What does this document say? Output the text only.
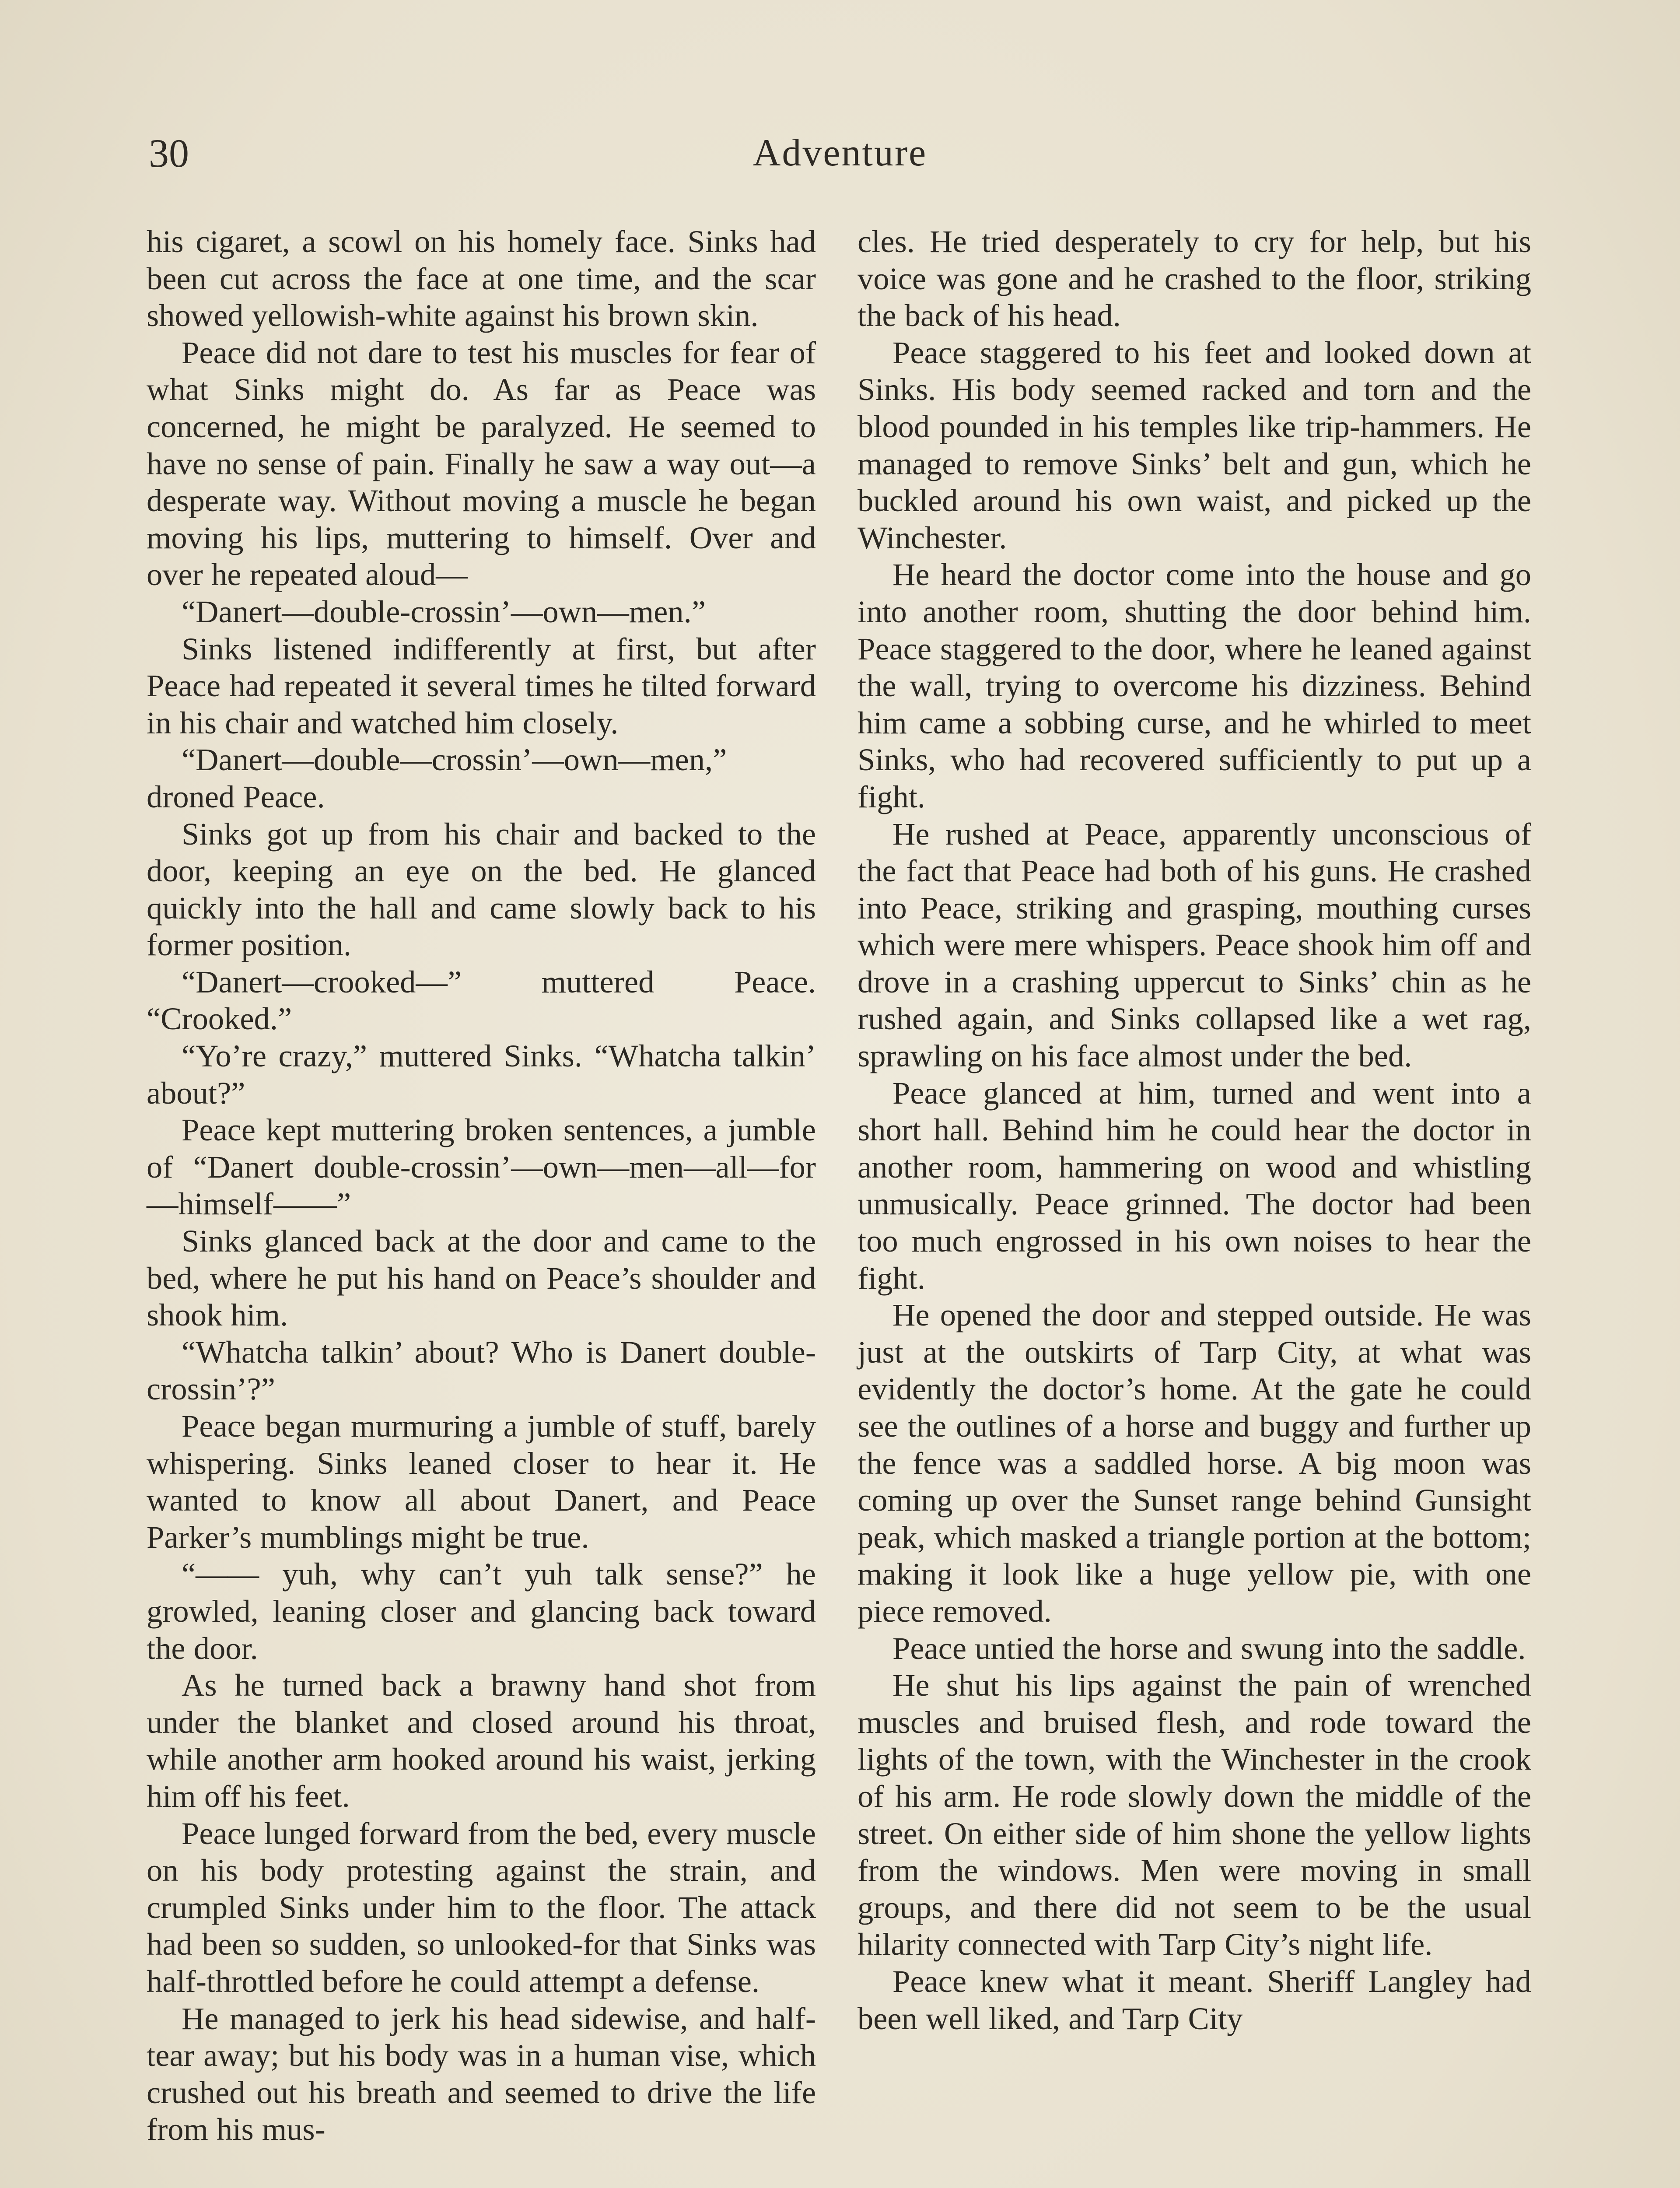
30	Adventure

his cigaret, a scowl on his homely face. Sinks had been cut across the face at one time, and the scar showed yellowish-white against his brown skin.

Peace did not dare to test his muscles for fear of what Sinks might do. As far as Peace was concerned, he might be paralyzed. He seemed to have no sense of pain. Finally he saw a way out—a desperate way. Without moving a muscle he began moving his lips, muttering to himself. Over and over he repeated aloud—

“Danert—double-crossin’—own—men.”

Sinks listened indifferently at first, but after Peace had repeated it several times he tilted forward in his chair and watched him closely.

“Danert—double—crossin’—own—men,” droned Peace.

Sinks got up from his chair and backed to the door, keeping an eye on the bed. He glanced quickly into the hall and came slowly back to his former position.

“Danert—crooked—” muttered Peace. “Crooked.”

“Yo’re crazy,” muttered Sinks. “Whatcha talkin’ about?”

Peace kept muttering broken sentences, a jumble of “Danert double-crossin’—own—men—all—for—himself——”

Sinks glanced back at the door and came to the bed, where he put his hand on Peace’s shoulder and shook him.

“Whatcha talkin’ about? Who is Danert double-crossin’?”

Peace began murmuring a jumble of stuff, barely whispering. Sinks leaned closer to hear it. He wanted to know all about Danert, and Peace Parker’s mumblings might be true.

“—— yuh, why can’t yuh talk sense?” he growled, leaning closer and glancing back toward the door.

As he turned back a brawny hand shot from under the blanket and closed around his throat, while another arm hooked around his waist, jerking him off his feet.

Peace lunged forward from the bed, every muscle on his body protesting against the strain, and crumpled Sinks under him to the floor. The attack had been so sudden, so unlooked-for that Sinks was half-throttled before he could attempt a defense.

He managed to jerk his head sidewise, and half-tear away; but his body was in a human vise, which crushed out his breath and seemed to drive the life from his mus-

cles. He tried desperately to cry for help, but his voice was gone and he crashed to the floor, striking the back of his head.

Peace staggered to his feet and looked down at Sinks. His body seemed racked and torn and the blood pounded in his temples like trip-hammers. He managed to remove Sinks’ belt and gun, which he buckled around his own waist, and picked up the Winchester.

He heard the doctor come into the house and go into another room, shutting the door behind him. Peace staggered to the door, where he leaned against the wall, trying to overcome his dizziness. Behind him came a sobbing curse, and he whirled to meet Sinks, who had recovered sufficiently to put up a fight.

He rushed at Peace, apparently unconscious of the fact that Peace had both of his guns. He crashed into Peace, striking and grasping, mouthing curses which were mere whispers. Peace shook him off and drove in a crashing uppercut to Sinks’ chin as he rushed again, and Sinks collapsed like a wet rag, sprawling on his face almost under the bed.

Peace glanced at him, turned and went into a short hall. Behind him he could hear the doctor in another room, hammering on wood and whistling unmusically. Peace grinned. The doctor had been too much engrossed in his own noises to hear the fight.

He opened the door and stepped outside. He was just at the outskirts of Tarp City, at what was evidently the doctor’s home. At the gate he could see the outlines of a horse and buggy and further up the fence was a saddled horse. A big moon was coming up over the Sunset range behind Gunsight peak, which masked a triangle portion at the bottom; making it look like a huge yellow pie, with one piece removed.

Peace untied the horse and swung into the saddle.

He shut his lips against the pain of wrenched muscles and bruised flesh, and rode toward the lights of the town, with the Winchester in the crook of his arm. He rode slowly down the middle of the street. On either side of him shone the yellow lights from the windows. Men were moving in small groups, and there did not seem to be the usual hilarity connected with Tarp City’s night life.

Peace knew what it meant. Sheriff Langley had been well liked, and Tarp City
